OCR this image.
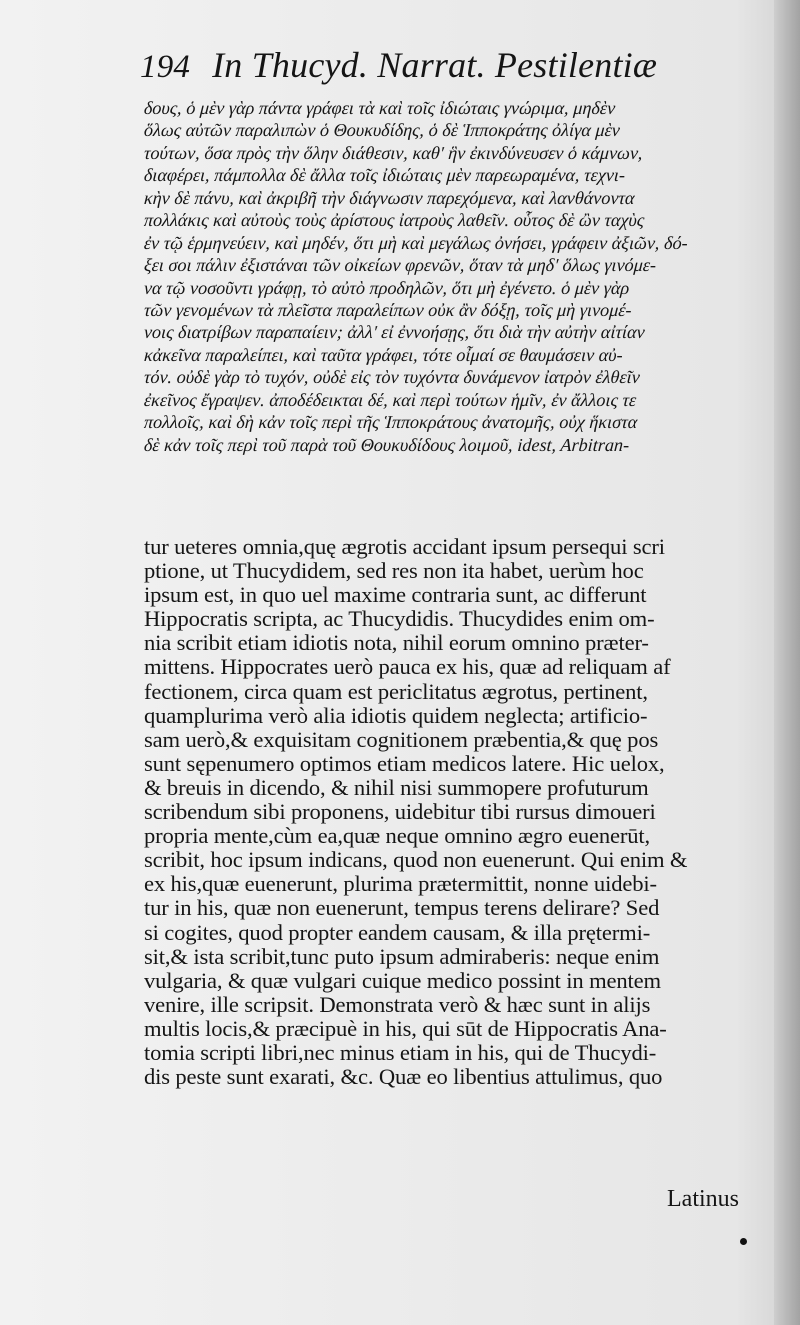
194 In Thucyd. Narrat. Pestilentiæ
δους, ὁ μὲν γὰρ πάντα γράφει τὰ καὶ τοῖς ἰδιώταις γνώριμα, μηδὲν
ὅλως αὐτῶν παραλιπὼν ὁ Θουκυδίδης, ὁ δὲ Ἱπποκράτης ὀλίγα μὲν
τούτων, ὅσα πρὸς τὴν ὅλην διάθεσιν, καθ' ἣν ἐκινδύνευσεν ὁ κάμνων,
διαφέρει, πάμπολλα δὲ ἄλλα τοῖς ἰδιώταις μὲν παρεωραμένα, τεχνι-
κὴν δὲ πάνυ, καὶ ἀκριβῆ τὴν διάγνωσιν παρεχόμενα, καὶ λανθάνοντα
πολλάκις καὶ αὐτοὺς τοὺς ἀρίστους ἰατροὺς λαθεῖν. οὗτος δὲ ὢν ταχὺς
ἐν τῷ ἑρμηνεύειν, καὶ μηδέν, ὅτι μὴ καὶ μεγάλως ὀνήσει, γράφειν ἀξιῶν, δό-
ξει σοι πάλιν ἐξιστάναι τῶν οἰκείων φρενῶν, ὅταν τὰ μηδ' ὅλως γινόμε-
να τῷ νοσοῦντι γράφῃ, τὸ αὐτὸ προδηλῶν, ὅτι μὴ ἐγένετο. ὁ μὲν γὰρ
τῶν γενομένων τὰ πλεῖστα παραλείπων οὐκ ἂν δόξῃ, τοῖς μὴ γινομέ-
νοις διατρίβων παραπαίειν; ἀλλ' εἰ ἐννοήσῃς, ὅτι διὰ τὴν αὐτὴν αἰτίαν
κἀκεῖνα παραλείπει, καὶ ταῦτα γράφει, τότε οἶμαί σε θαυμάσειν αὐ-
τόν. οὐδὲ γὰρ τὸ τυχόν, οὐδὲ εἰς τὸν τυχόντα δυνάμενον ἰατρὸν ἐλθεῖν
ἐκεῖνος ἔγραψεν. ἀποδέδεικται δέ, καὶ περὶ τούτων ἡμῖν, ἐν ἄλλοις τε
πολλοῖς, καὶ δὴ κἀν τοῖς περὶ τῆς Ἱπποκράτους ἀνατομῆς, οὐχ ἥκιστα
δὲ κἀν τοῖς περὶ τοῦ παρὰ τοῦ Θουκυδίδους λοιμοῦ, idest, Arbitran-
tur ueteres omnia,quę ægrotis accidant ipsum persequi scri
ptione, ut Thucydidem, sed res non ita habet, uerùm hoc
ipsum est, in quo uel maxime contraria sunt, ac differunt
Hippocratis scripta, ac Thucydidis. Thucydides enim om-
nia scribit etiam idiotis nota, nihil eorum omnino præter-
mittens. Hippocrates uerò pauca ex his, quæ ad reliquam af
fectionem, circa quam est periclitatus ægrotus, pertinent,
quamplurima verò alia idiotis quidem neglecta; artificio-
sam uerò,& exquisitam cognitionem præbentia,& quę pos
sunt sępenumero optimos etiam medicos latere. Hic uelox,
& breuis in dicendo, & nihil nisi summopere profuturum
scribendum sibi proponens, uidebitur tibi rursus dimoueri
propria mente,cùm ea,quæ neque omnino ægro euenerūt,
scribit, hoc ipsum indicans, quod non euenerunt. Qui enim &
ex his,quæ euenerunt, plurima prætermittit, nonne uidebi-
tur in his, quæ non euenerunt, tempus terens delirare? Sed
si cogites, quod propter eandem causam, & illa prętermi-
sit,& ista scribit,tunc puto ipsum admiraberis: neque enim
vulgaria, & quæ vulgari cuique medico possint in mentem
venire, ille scripsit. Demonstrata verò & hæc sunt in alijs
multis locis,& præcipuè in his, qui sūt de Hippocratis Ana-
tomia scripti libri,nec minus etiam in his, qui de Thucydi-
dis peste sunt exarati, &c. Quæ eo libentius attulimus, quo
Latinus
